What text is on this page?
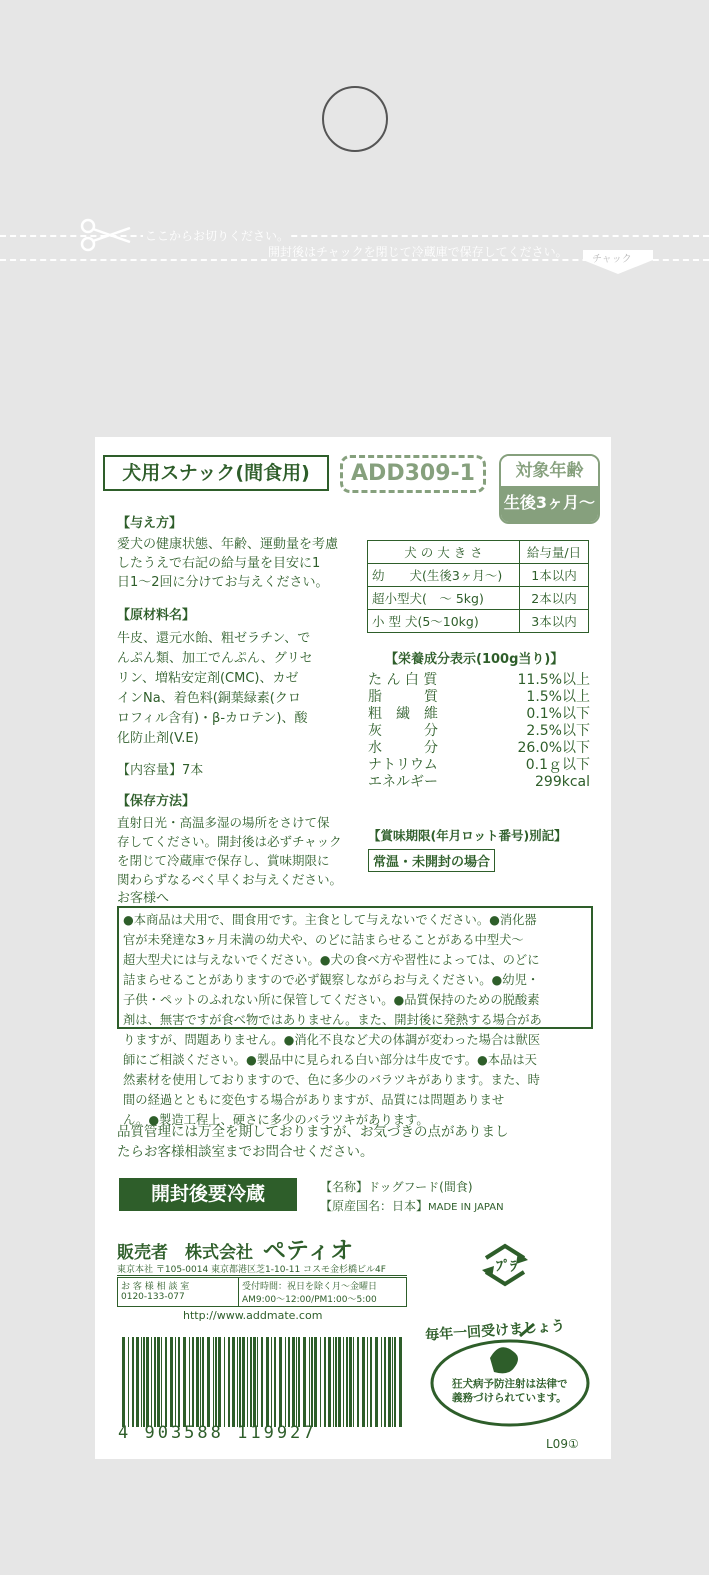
ここからお切りください。
開封後はチャックを閉じて冷蔵庫で保存してください。
チャック
犬用スナック(間食用)	ADD309-1	対象年齢
生後3ヶ月〜
【与え方】
愛犬の健康状態、年齢、運動量を考慮
したうえで右記の給与量を目安に1
日1〜2回に分けてお与えください。
【原材料名】
牛皮、還元水飴、粗ゼラチン、で
んぷん類、加工でんぷん、グリセ
リン、増粘安定剤(CMC)、カゼ
インNa、着色料(銅葉緑素(クロ
ロフィル含有)・β-カロテン)、酸
化防止剤(V.E)
【内容量】7本
【保存方法】
直射日光・高温多湿の場所をさけて保
存してください。開封後は必ずチャック
を閉じて冷蔵庫で保存し、賞味期限に
関わらずなるべく早くお与えください。
犬 の 大 き さ	給与量/日
幼　　犬(生後3ヶ月〜)	1本以内
超小型犬(　〜 5kg)	2本以内
小 型 犬(5〜10kg)	3本以内
【栄養成分表示(100g当り)】
た ん 白 質	11.5%以上
脂　　　質	1.5%以上
粗　繊　維	0.1%以下
灰　　　分	2.5%以下
水　　　分	26.0%以下
ナトリウム	0.1ｇ以下
エネルギー	299kcal
【賞味期限(年月ロット番号)別記】
常温・未開封の場合
お客様へ
●本商品は犬用で、間食用です。主食として与えないでください。●消化器
官が未発達な3ヶ月未満の幼犬や、のどに詰まらせることがある中型犬〜
超大型犬には与えないでください。●犬の食べ方や習性によっては、のどに
詰まらせることがありますので必ず観察しながらお与えください。●幼児・
子供・ペットのふれない所に保管してください。●品質保持のための脱酸素
剤は、無害ですが食べ物ではありません。また、開封後に発熱する場合があ
りますが、問題ありません。●消化不良など犬の体調が変わった場合は獣医
師にご相談ください。●製品中に見られる白い部分は牛皮です。●本品は天
然素材を使用しておりますので、色に多少のバラツキがあります。また、時
間の経過とともに変色する場合がありますが、品質には問題ありませ
ん。●製造工程上、硬さに多少のバラツキがあります。
品質管理には万全を期しておりますが、お気づきの点がありまし
たらお客様相談室までお問合せください。
開封後要冷蔵	【名称】ドッグフード(間食)
【原産国名：日本】MADE IN JAPAN
販売者　株式会社 ペティオ
東京本社 〒105-0014 東京都港区芝1-10-11 コスモ金杉橋ビル4F
お 客 様 相 談 室
0120-133-077
受付時間：祝日を除く月〜金曜日
AM9:00〜12:00/PM1:00〜5:00
http://www.addmate.com
4 903588 119927
ﾌﾟﾗ
毎年一回受けましょう
狂犬病予防注射は法律で
義務づけられています。
L09①
